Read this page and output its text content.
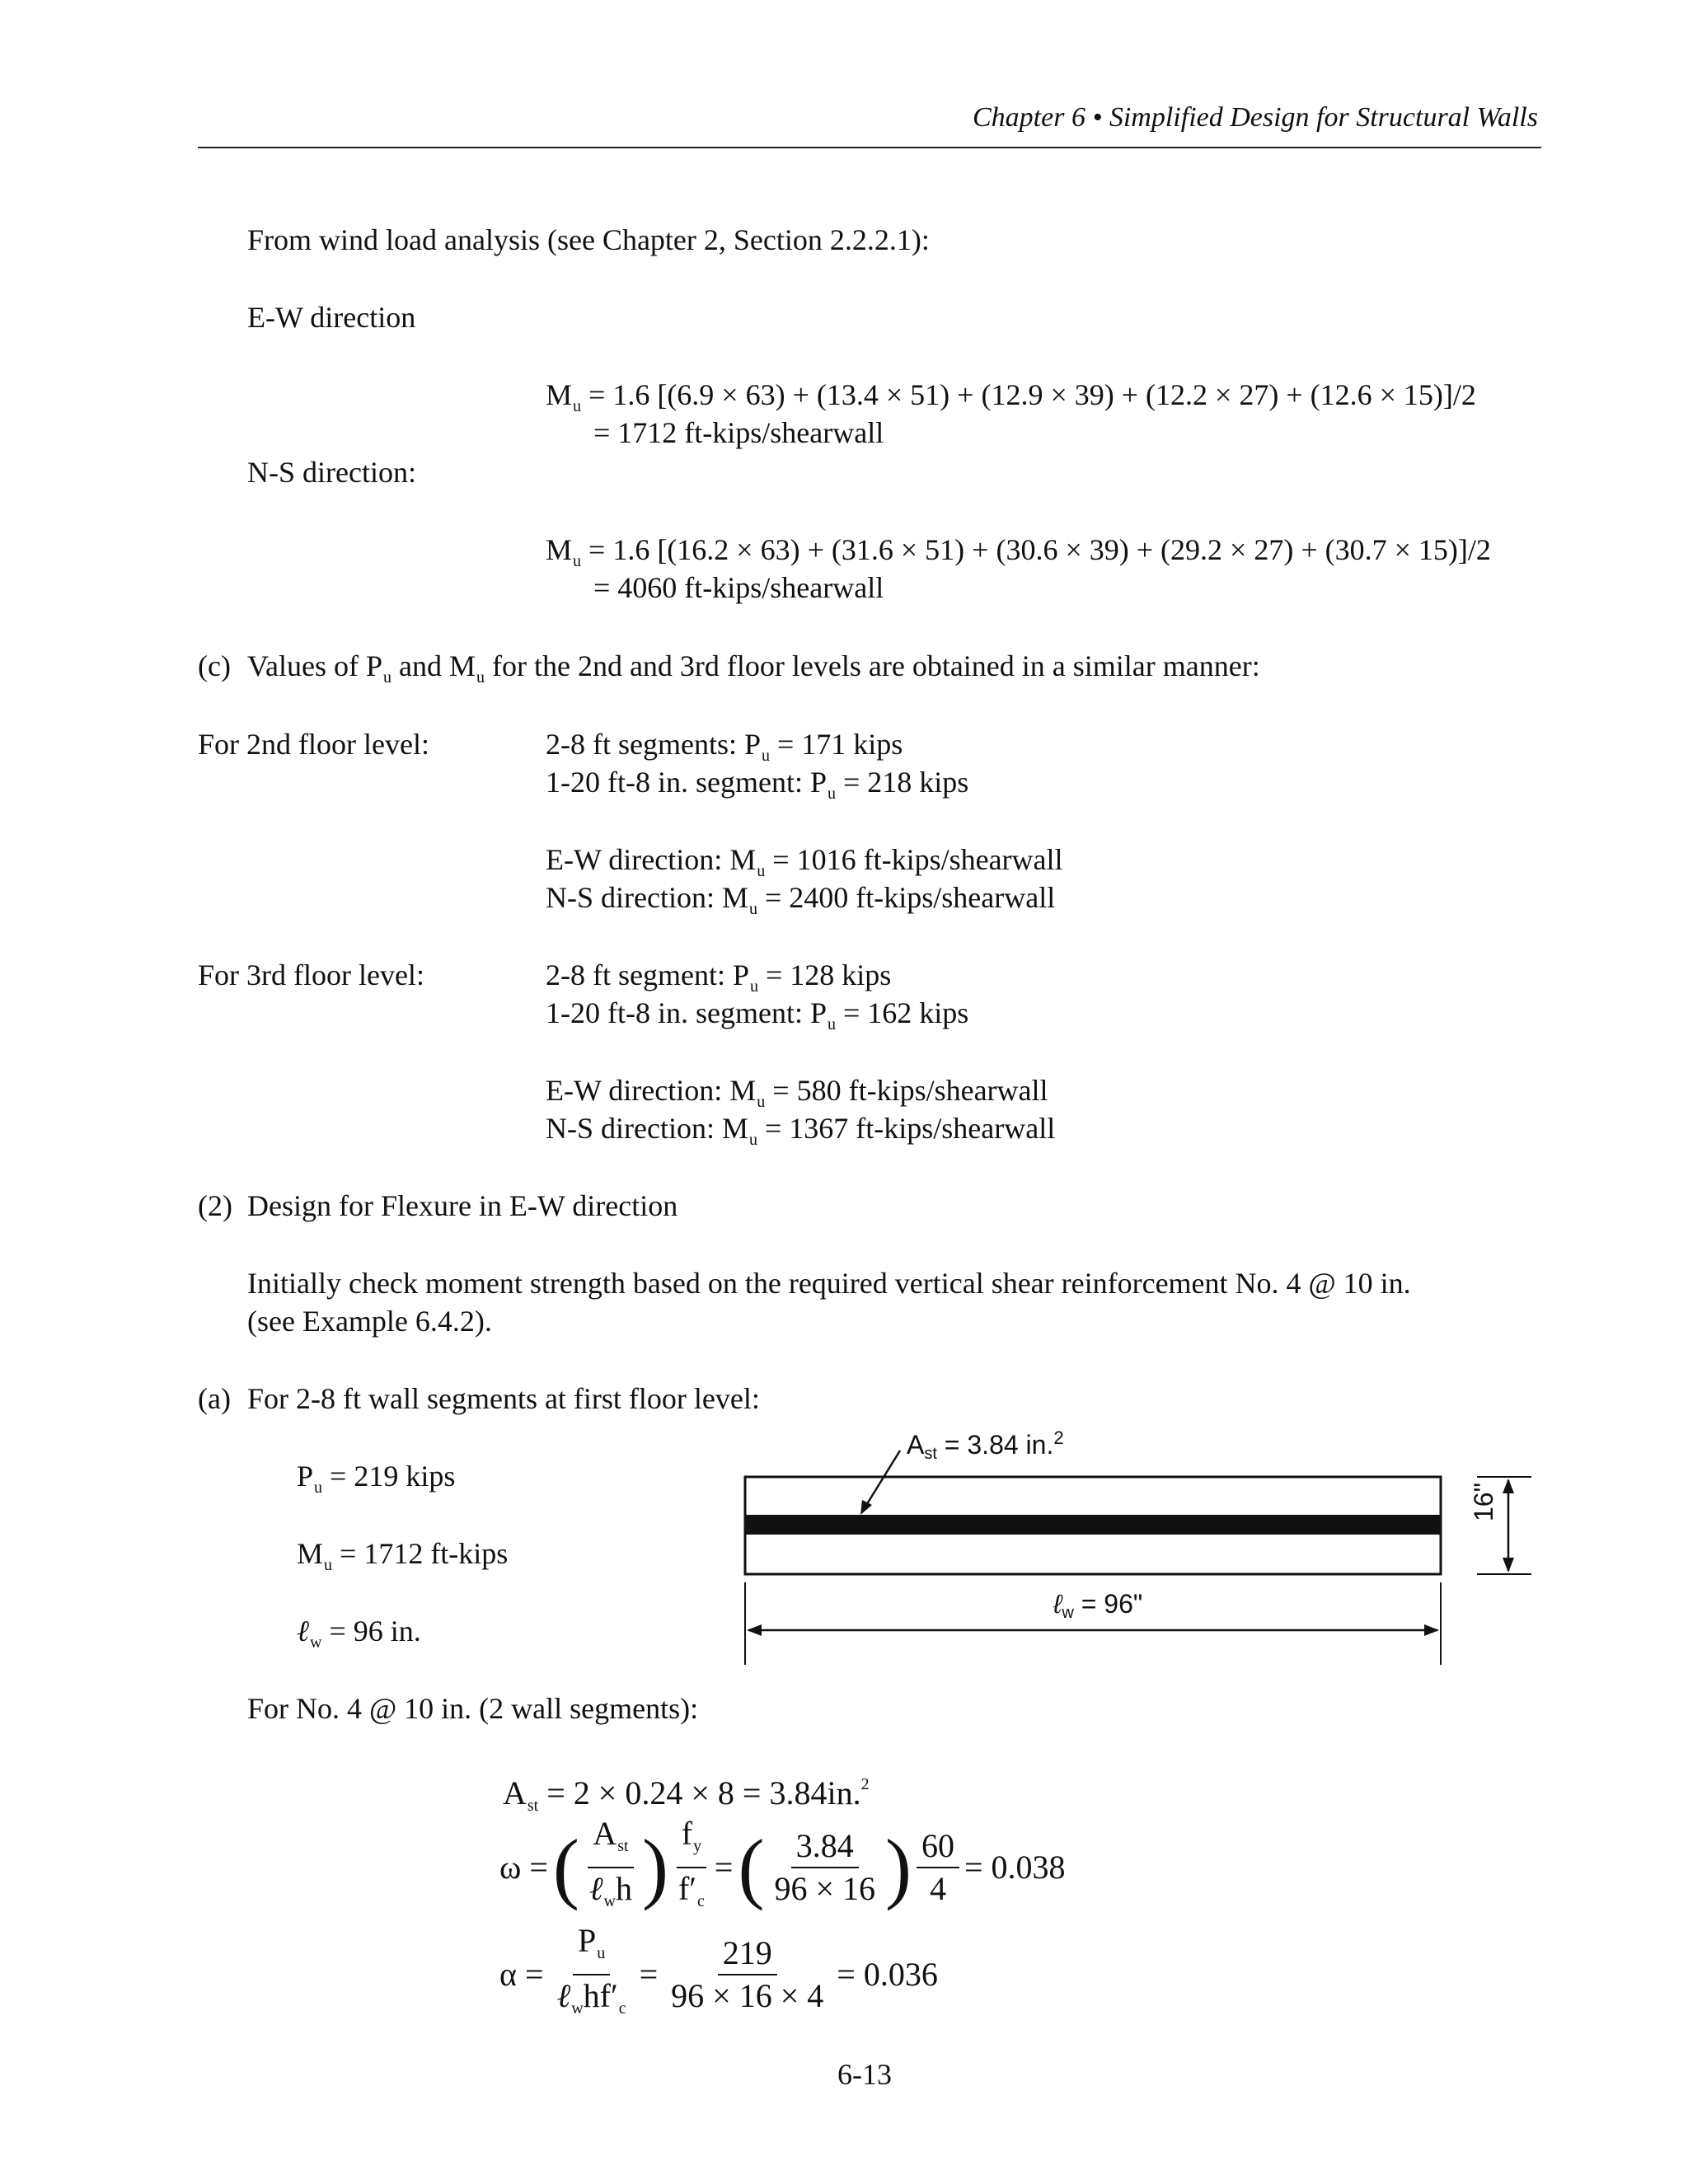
Chapter 6 • Simplified Design for Structural Walls
From wind load analysis (see Chapter 2, Section 2.2.2.1):
E-W direction
$M_u = 1.6$ [(6.9 × 63) + (13.4 × 51) + (12.9 × 39) + (12.2 × 27) + (12.6 × 15)]/2
= 1712 ft-kips/shearwall
N-S direction:
$M_u = 1.6$ [(16.2 × 63) + (31.6 × 51) + (30.6 × 39) + (29.2 × 27) + (30.7 × 15)]/2
= 4060 ft-kips/shearwall
(c) Values of $P_u$ and $M_u$ for the 2nd and 3rd floor levels are obtained in a similar manner:
For 2nd floor level:	2-8 ft segments: $P_u = 171$ kips
1-20 ft-8 in. segment: $P_u = 218$ kips
E-W direction: $M_u = 1016$ ft-kips/shearwall
N-S direction: $M_u = 2400$ ft-kips/shearwall
For 3rd floor level:	2-8 ft segment: $P_u = 128$ kips
1-20 ft-8 in. segment: $P_u = 162$ kips
E-W direction: $M_u = 580$ ft-kips/shearwall
N-S direction: $M_u = 1367$ ft-kips/shearwall
(2) Design for Flexure in E-W direction
Initially check moment strength based on the required vertical shear reinforcement No. 4 @ 10 in.
(see Example 6.4.2).
(a) For 2-8 ft wall segments at first floor level:
$P_u = 219$ kips
$M_u = 1712$ ft-kips
ℓ$_w$ = 96 in.
$A_{st} = 3.84$ in.$^2$
16"
ℓ$_w$ = 96"
For No. 4 @ 10 in. (2 wall segments):
$A_{st} = 2 \times 0.24 \times 8 = 3.84in.^2$
ω = ( $\frac{A_{st}}{\ell_wh}$ ) $\frac{f_y}{f'_c}$ = ( $\frac{3.84}{96 \times 16}$ ) $\frac{60}{4} = 0.038$
$\alpha = \frac{P_u}{\ell_whf'_c} = \frac{219}{96 \times 16 \times 4} = 0.036$
6-13
